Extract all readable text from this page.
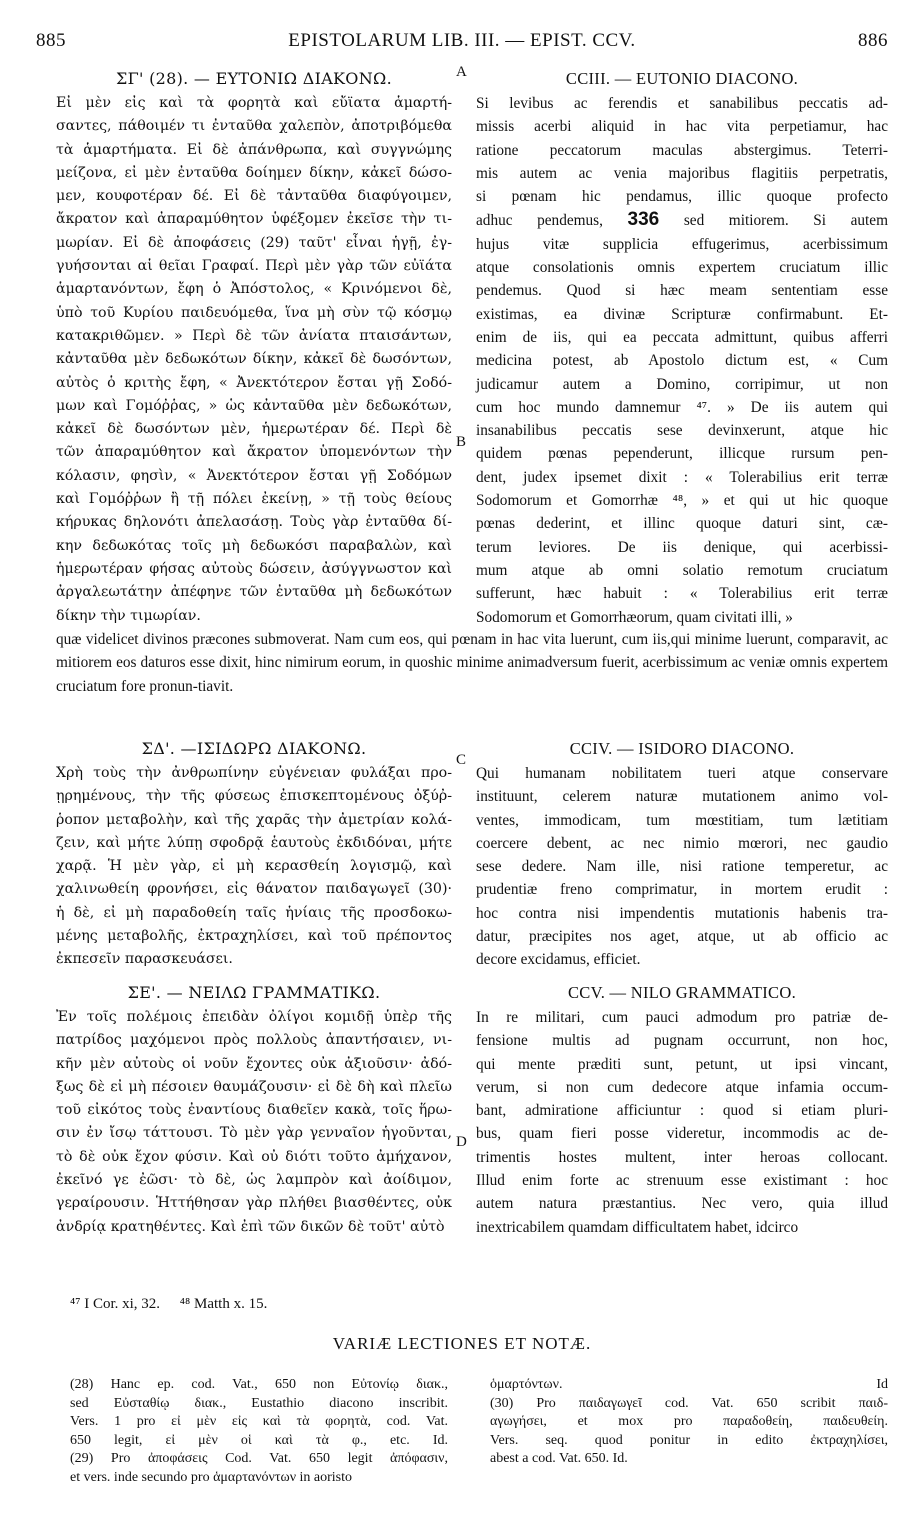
885	EPISTOLARUM LIB. III. — EPIST. CCV.	886
A
B
C
D
ΣΓ' (28). — ΕΥΤΟΝΙΩ ΔΙΑΚΟΝΩ.
Εἰ μὲν εἰς καὶ τὰ φορητὰ καὶ εὔϊατα ἁμαρτή-
σαντες, πάθοιμέν τι ἐνταῦθα χαλεπὸν, ἀποτριβόμεθα
τὰ ἁμαρτήματα. Εἰ δὲ ἀπάνθρωπα, καὶ συγγνώμης
μείζονα, εἰ μὲν ἐνταῦθα δοίημεν δίκην, κἀκεῖ δώσο-
μεν, κουφοτέραν δέ. Εἰ δὲ τἀνταῦθα διαφύγοιμεν,
ἄκρατον καὶ ἀπαραμύθητον ὑφέξομεν ἐκεῖσε τὴν τι-
μωρίαν. Εἰ δὲ ἀποφάσεις (29) ταῦτ' εἶναι ἡγῇ, ἐγ-
γυήσονται αἱ θεῖαι Γραφαί. Περὶ μὲν γὰρ τῶν εὐϊάτα
ἁμαρτανόντων, ἔφη ὁ Ἀπόστολος, « Κρινόμενοι δὲ,
ὑπὸ τοῦ Κυρίου παιδευόμεθα, ἵνα μὴ σὺν τῷ κόσμῳ
κατακριθῶμεν. » Περὶ δὲ τῶν ἀνίατα πταισάντων,
κἀνταῦθα μὲν δεδωκότων δίκην, κἀκεῖ δὲ δωσόντων,
αὐτὸς ὁ κριτὴς ἔφη, « Ἀνεκτότερον ἔσται γῇ Σοδό-
μων καὶ Γομόῤῥας, » ὡς κἀνταῦθα μὲν δεδωκότων,
κἀκεῖ δὲ δωσόντων μὲν, ἡμερωτέραν δέ. Περὶ δὲ
τῶν ἀπαραμύθητον καὶ ἄκρατον ὑπομενόντων τὴν
κόλασιν, φησὶν, « Ἀνεκτότερον ἔσται γῇ Σοδόμων
καὶ Γομόῤῥων ἢ τῇ πόλει ἐκείνῃ, » τῇ τοὺς θείους
κήρυκας δηλονότι ἀπελασάσῃ. Τοὺς γὰρ ἐνταῦθα δί-
κην δεδωκότας τοῖς μὴ δεδωκόσι παραβαλὼν, καὶ
ἡμερωτέραν φήσας αὐτοὺς δώσειν, ἀσύγγνωστον καὶ
ἀργαλεωτάτην ἀπέφηνε τῶν ἐνταῦθα μὴ δεδωκότων
δίκην τὴν τιμωρίαν.
CCIII. — EUTONIO DIACONO.
Si levibus ac ferendis et sanabilibus peccatis ad-
missis acerbi aliquid in hac vita perpetiamur, hac
ratione peccatorum maculas abstergimus. Teterri-
mis autem ac venia majoribus flagitiis perpetratis,
si pœnam hic pendamus, illic quoque profecto
adhuc pendemus, 336 sed mitiorem. Si autem
hujus vitæ supplicia effugerimus, acerbissimum
atque consolationis omnis expertem cruciatum illic
pendemus. Quod si hæc meam sententiam esse
existimas, ea divinæ Scripturæ confirmabunt. Et-
enim de iis, qui ea peccata admittunt, quibus afferri
medicina potest, ab Apostolo dictum est, « Cum
judicamur autem a Domino, corripimur, ut non
cum hoc mundo damnemur ⁴⁷. » De iis autem qui
insanabilibus peccatis sese devinxerunt, atque hic
quidem pœnas pependerunt, illicque rursum pen-
dent, judex ipsemet dixit : « Tolerabilius erit terræ
Sodomorum et Gomorrhæ ⁴⁸, » et qui ut hic quoque
pœnas dederint, et illinc quoque daturi sint, cæ-
terum leviores. De iis denique, qui acerbissi-
mum atque ab omni solatio remotum cruciatum
sufferunt, hæc habuit : « Tolerabilius erit terræ
Sodomorum et Gomorrhæorum, quam civitati illi, »
quæ videlicet divinos præcones submoverat. Nam cum eos, qui pœnam in hac vita luerunt, cum iis,qui minime luerunt, comparavit, ac mitiorem eos daturos esse dixit, hinc nimirum eorum, in quoshic minime animadversum fuerit, acerbissimum ac veniæ omnis expertem cruciatum fore pronun-tiavit.
ΣΔ'. —ΙΣΙΔΩΡΩ ΔΙΑΚΟΝΩ.
Χρὴ τοὺς τὴν ἀνθρωπίνην εὐγένειαν φυλάξαι προ-
ῃρημένους, τὴν τῆς φύσεως ἐπισκεπτομένους ὀξύῤ-
ῥοπον μεταβολὴν, καὶ τῆς χαρᾶς τὴν ἀμετρίαν κολά-
ζειν, καὶ μήτε λύπῃ σφοδρᾷ ἑαυτοὺς ἐκδιδόναι, μήτε
χαρᾷ. Ἡ μὲν γὰρ, εἰ μὴ κερασθείη λογισμῷ, καὶ
χαλινωθείη φρονήσει, εἰς θάνατον παιδαγωγεῖ (30)·
ἡ δὲ, εἰ μὴ παραδοθείη ταῖς ἡνίαις τῆς προσδοκω-
μένης μεταβολῆς, ἐκτραχηλίσει, καὶ τοῦ πρέποντος
ἐκπεσεῖν παρασκευάσει.
CCIV. — ISIDORO DIACONO.
Qui humanam nobilitatem tueri atque conservare
instituunt, celerem naturæ mutationem animo vol-
ventes, immodicam, tum mœstitiam, tum lætitiam
coercere debent, ac nec nimio mœrori, nec gaudio
sese dedere. Nam ille, nisi ratione temperetur, ac
prudentiæ freno comprimatur, in mortem erudit :
hoc contra nisi impendentis mutationis habenis tra-
datur, præcipites nos aget, atque, ut ab officio ac
decore excidamus, efficiet.
ΣΕ'. — ΝΕΙΛΩ ΓΡΑΜΜΑΤΙΚΩ.
Ἐν τοῖς πολέμοις ἐπειδὰν ὀλίγοι κομιδῇ ὑπὲρ τῆς
πατρίδος μαχόμενοι πρὸς πολλοὺς ἀπαντήσαιεν, νι-
κῆν μὲν αὐτοὺς οἱ νοῦν ἔχοντες οὐκ ἀξιοῦσιν· ἀδό-
ξως δὲ εἰ μὴ πέσοιεν θαυμάζουσιν· εἰ δὲ δὴ καὶ πλεῖω
τοῦ εἰκότος τοὺς ἐναντίους διαθεῖεν κακὰ, τοῖς ἥρω-
σιν ἐν ἴσῳ τάττουσι. Τὸ μὲν γὰρ γενναῖον ἡγοῦνται,
τὸ δὲ οὐκ ἔχον φύσιν. Καὶ οὐ διότι τοῦτο ἀμήχανον,
ἐκεῖνό γε ἐῶσι· τὸ δὲ, ὡς λαμπρὸν καὶ ἀοίδιμον,
γεραίρουσιν. Ἡττήθησαν γὰρ πλήθει βιασθέντες, οὐκ
ἀνδρίᾳ κρατηθέντες. Καὶ ἐπὶ τῶν δικῶν δὲ τοῦτ' αὐτὸ
CCV. — NILO GRAMMATICO.
In re militari, cum pauci admodum pro patriæ de-
fensione multis ad pugnam occurrunt, non hoc,
qui mente præditi sunt, petunt, ut ipsi vincant,
verum, si non cum dedecore atque infamia occum-
bant, admiratione afficiuntur : quod si etiam pluri-
bus, quam fieri posse videretur, incommodis ac de-
trimentis hostes multent, inter heroas collocant.
Illud enim forte ac strenuum esse existimant : hoc
autem natura præstantius. Nec vero, quia illud
inextricabilem quamdam difficultatem habet, idcirco
⁴⁷ I Cor. xi, 32. ⁴⁸ Matth x. 15.
VARIÆ LECTIONES ET NOTÆ.
(28) Hanc ep. cod. Vat., 650 non Εὐτονίῳ διακ.,
sed Εὐσταθίῳ διακ., Eustathio diacono inscribit.
Vers. 1 pro εἰ μὲν εἰς καὶ τὰ φορητὰ, cod. Vat.
650 legit, εἰ μὲν οἱ καὶ τὰ φ., etc. Id.
(29) Pro ἀποφάσεις Cod. Vat. 650 legit ἀπόφασιν,
et vers. inde secundo pro ἁμαρτανόντων in aoristo
ὁμαρτόντων. Id
(30) Pro παιδαγωγεῖ cod. Vat. 650 scribit παιδ-
αγωγήσει, et mox pro παραδοθείη, παιδευθείη.
Vers. seq. quod ponitur in edito ἐκτραχηλίσει,
abest a cod. Vat. 650. Id.
